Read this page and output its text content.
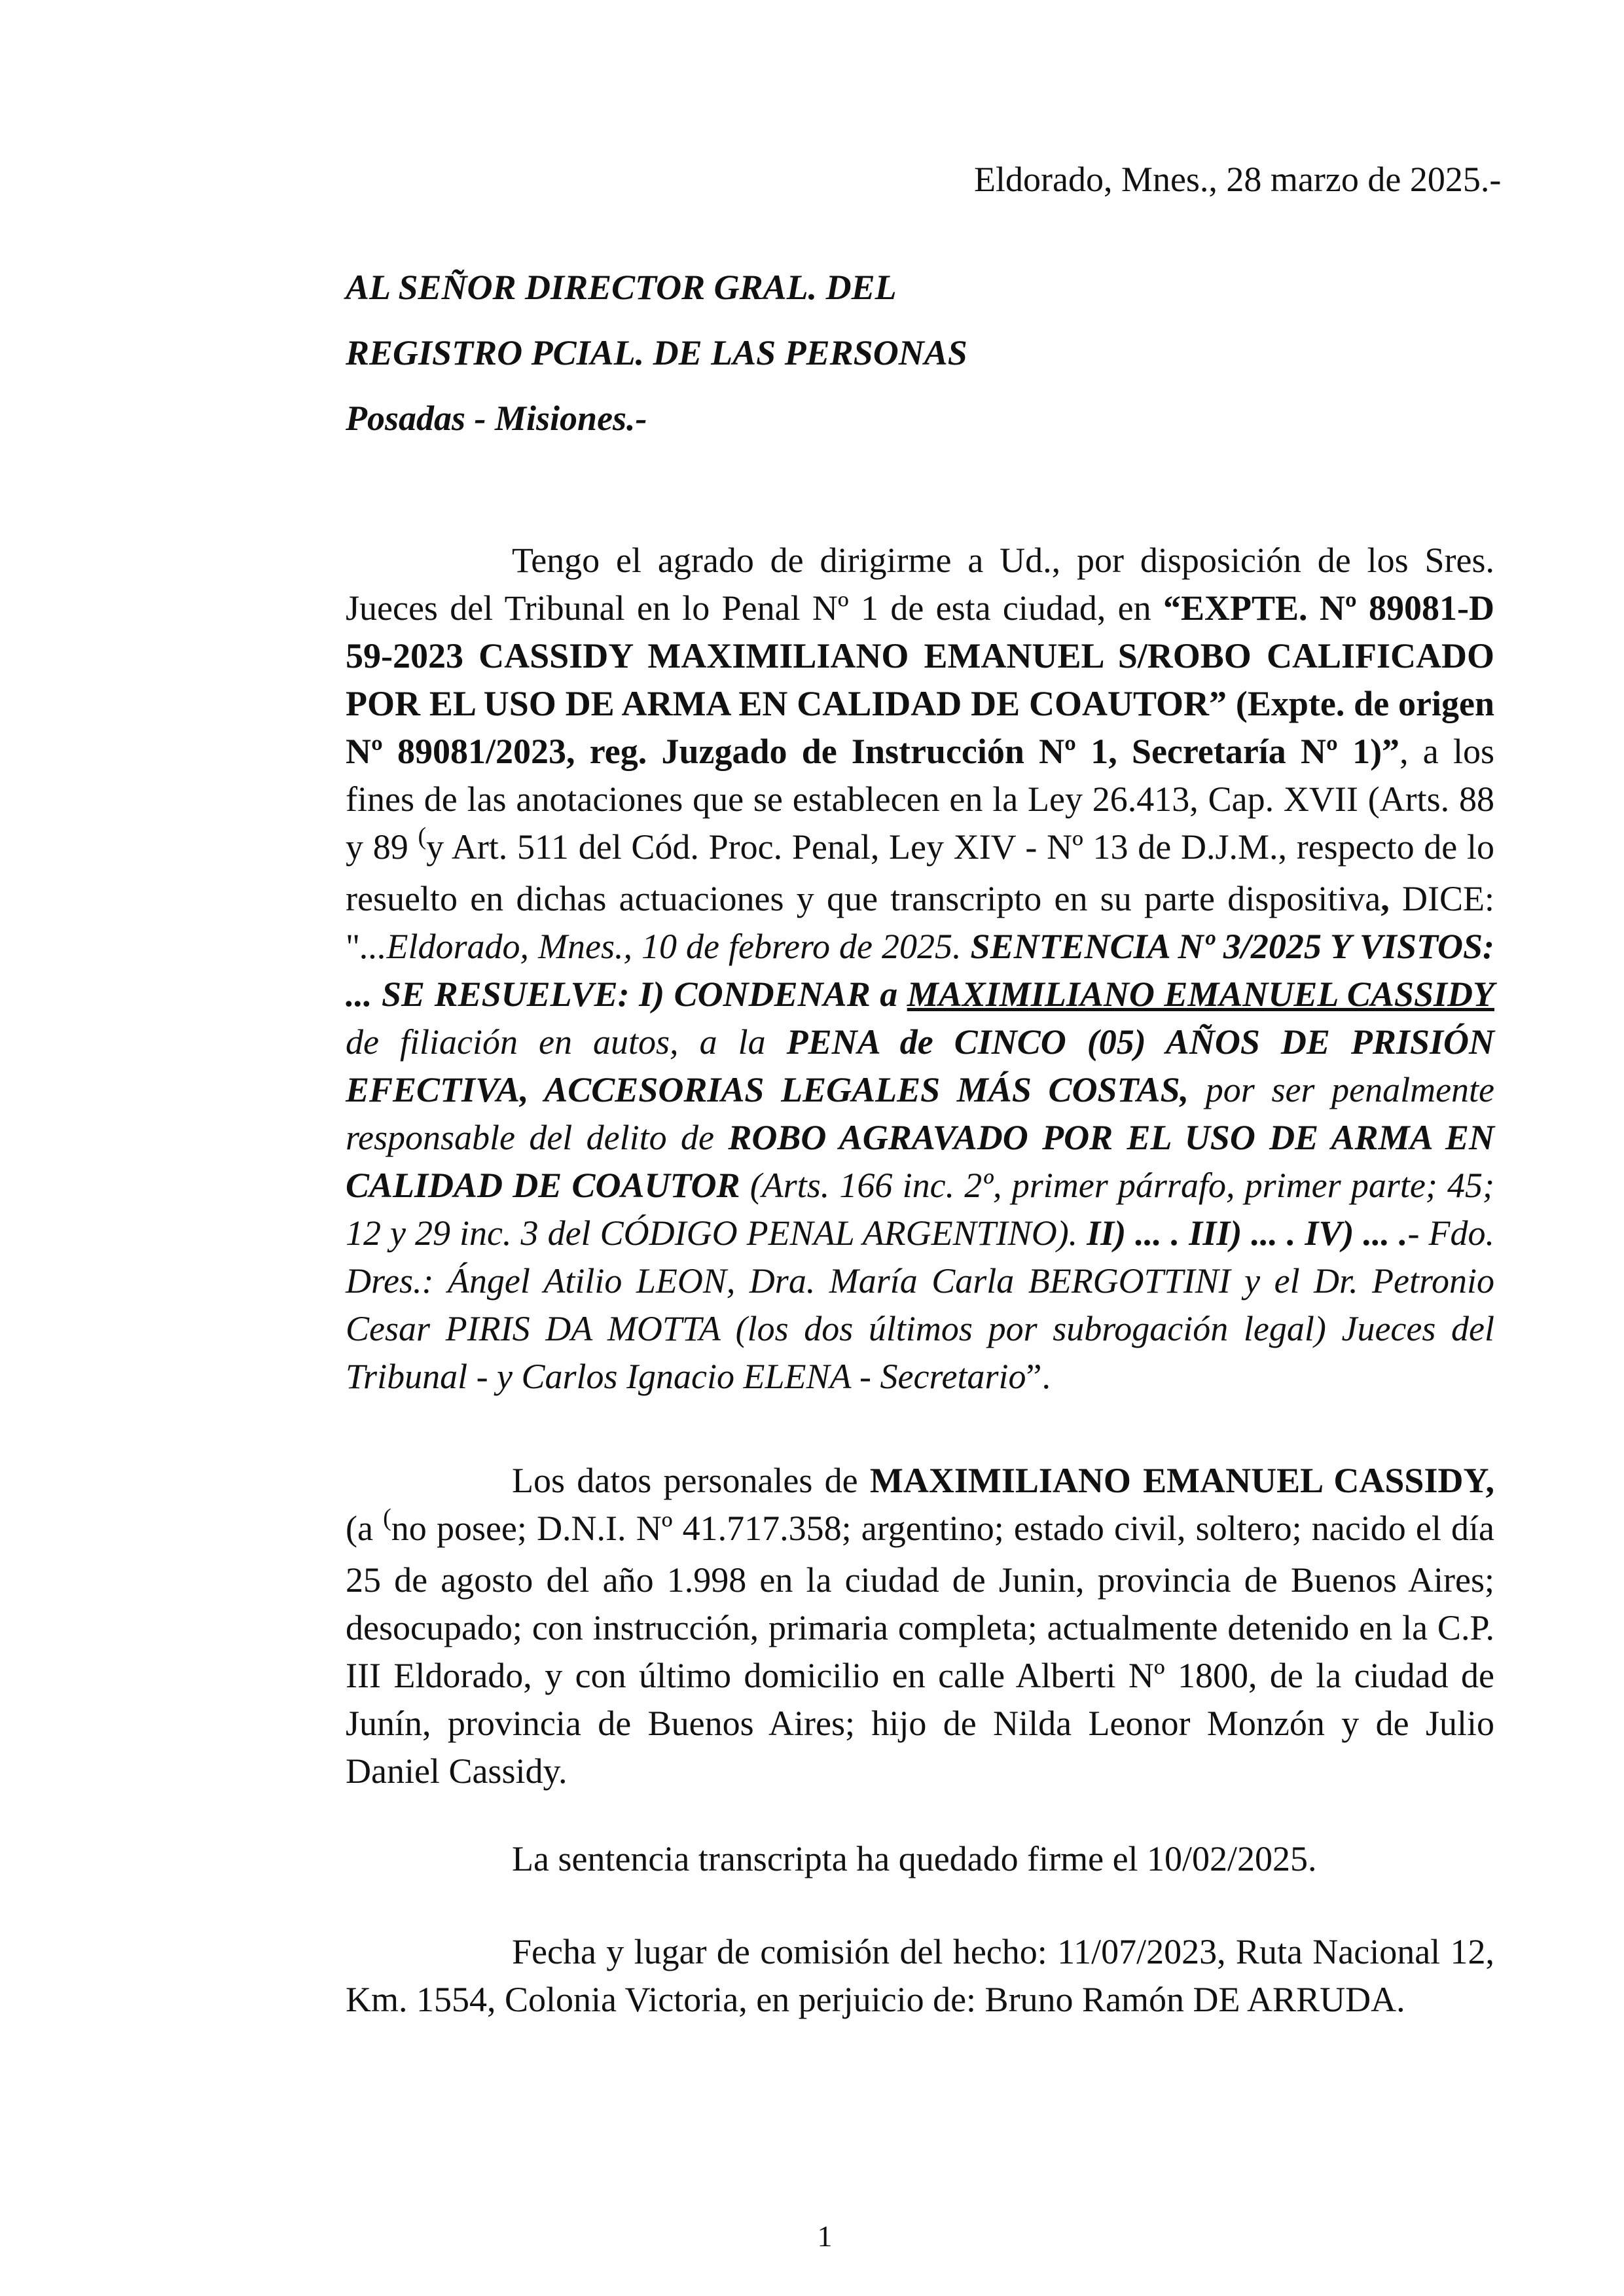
Eldorado, Mnes., 28 marzo de 2025.-
AL SEÑOR DIRECTOR GRAL. DEL
REGISTRO PCIAL. DE LAS PERSONAS
Posadas - Misiones.-

Tengo el agrado de dirigirme a Ud., por disposición de los Sres. Jueces del Tribunal en lo Penal Nº 1 de esta ciudad, en “EXPTE. Nº 89081-D 59-2023 CASSIDY MAXIMILIANO EMANUEL S/ROBO CALIFICADO POR EL USO DE ARMA EN CALIDAD DE COAUTOR” (Expte. de origen Nº 89081/2023, reg. Juzgado de Instrucción Nº 1, Secretaría Nº 1)”, a los fines de las anotaciones que se establecen en la Ley 26.413, Cap. XVII (Arts. 88 y 89 (y Art. 511 del Cód. Proc. Penal, Ley XIV - Nº 13 de D.J.M., respecto de lo resuelto en dichas actuaciones y que transcripto en su parte dispositiva, DICE: "...Eldorado, Mnes., 10 de febrero de 2025. SENTENCIA Nº 3/2025 Y VISTOS: ... SE RESUELVE: I) CONDENAR a MAXIMILIANO EMANUEL CASSIDY de filiación en autos, a la PENA de CINCO (05) AÑOS DE PRISIÓN EFECTIVA, ACCESORIAS LEGALES MÁS COSTAS, por ser penalmente responsable del delito de ROBO AGRAVADO POR EL USO DE ARMA EN CALIDAD DE COAUTOR (Arts. 166 inc. 2º, primer párrafo, primer parte; 45; 12 y 29 inc. 3 del CÓDIGO PENAL ARGENTINO). II) ... . III) ... . IV) ... .- Fdo. Dres.: Ángel Atilio LEON, Dra. María Carla BERGOTTINI y el Dr. Petronio Cesar PIRIS DA MOTTA (los dos últimos por subrogación legal) Jueces del Tribunal - y Carlos Ignacio ELENA - Secretario”.

Los datos personales de MAXIMILIANO EMANUEL CASSIDY, (a (no posee; D.N.I. Nº 41.717.358; argentino; estado civil, soltero; nacido el día 25 de agosto del año 1.998 en la ciudad de Junin, provincia de Buenos Aires; desocupado; con instrucción, primaria completa; actualmente detenido en la C.P. III Eldorado, y con último domicilio en calle Alberti Nº 1800, de la ciudad de Junín, provincia de Buenos Aires; hijo de Nilda Leonor Monzón y de Julio Daniel Cassidy.

La sentencia transcripta ha quedado firme el 10/02/2025.

Fecha y lugar de comisión del hecho: 11/07/2023, Ruta Nacional 12, Km. 1554, Colonia Victoria, en perjuicio de: Bruno Ramón DE ARRUDA.

1
